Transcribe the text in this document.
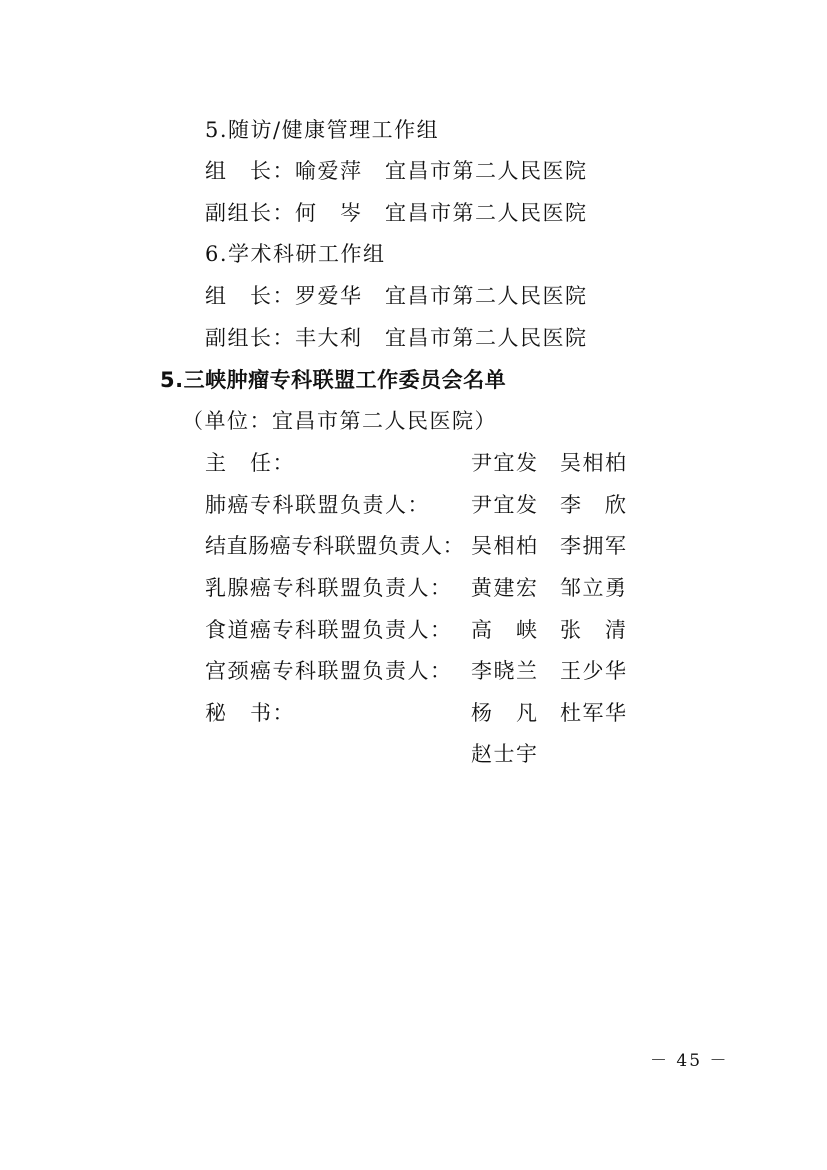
5.随访/健康管理工作组
组　长：喻爱萍　宜昌市第二人民医院
副组长：何　岑　宜昌市第二人民医院
6.学术科研工作组
组　长：罗爱华　宜昌市第二人民医院
副组长：丰大利　宜昌市第二人民医院
5.三峡肿瘤专科联盟工作委员会名单
（单位：宜昌市第二人民医院）
主　任：	尹宜发 吴相柏
肺癌专科联盟负责人： 尹宜发 李　欣
结直肠癌专科联盟负责人： 吴相柏 李拥军
乳腺癌专科联盟负责人： 黄建宏 邹立勇
食道癌专科联盟负责人： 高　峡 张　清
宫颈癌专科联盟负责人： 李晓兰 王少华
秘　书：	杨　凡 杜军华
赵士宇
－ 45 －
